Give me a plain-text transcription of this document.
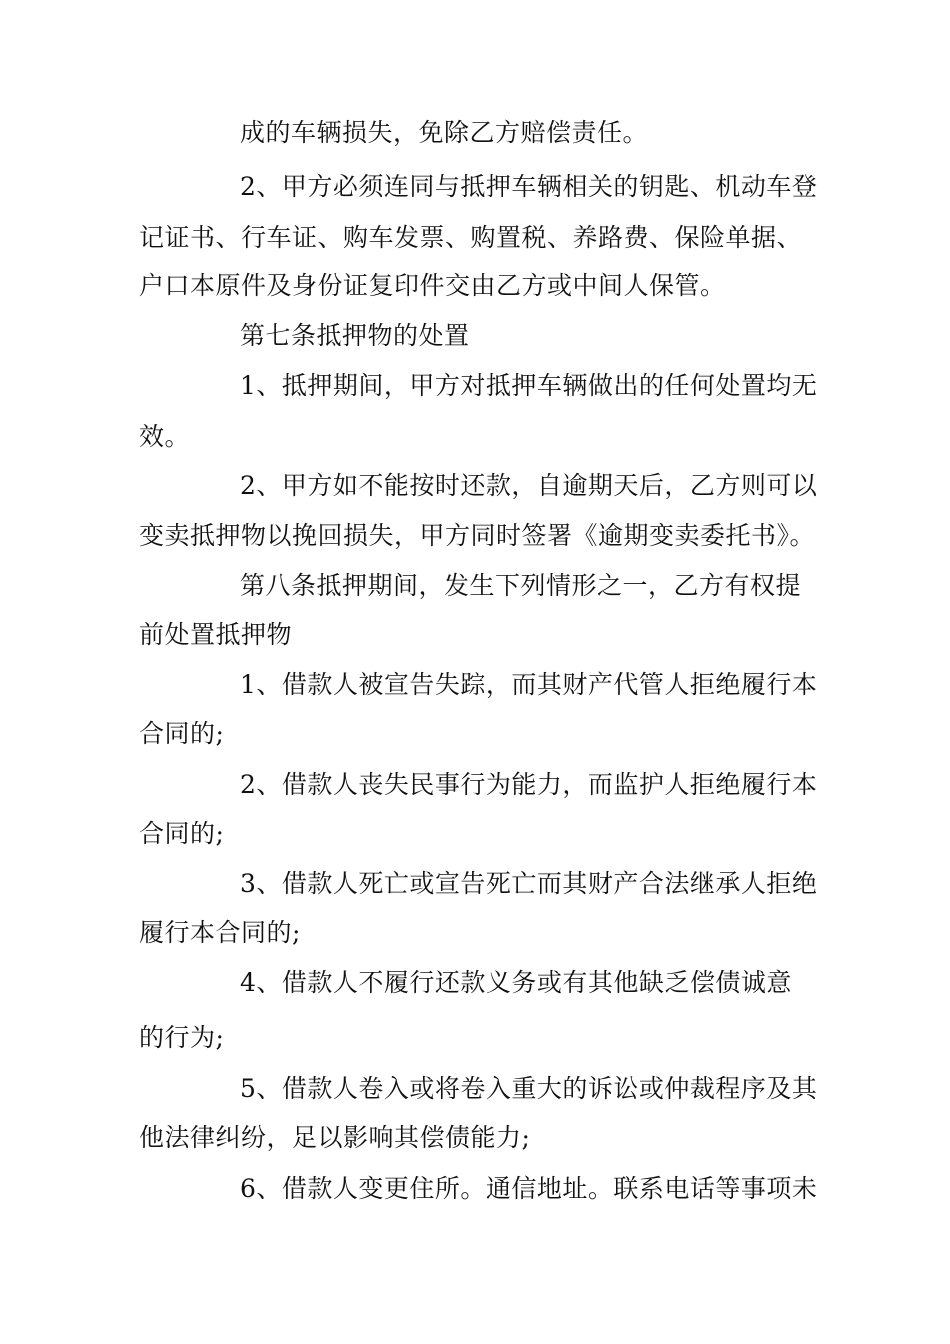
成的车辆损失，免除乙方赔偿责任。
2、甲方必须连同与抵押车辆相关的钥匙、机动车登
记证书、行车证、购车发票、购置税、养路费、保险单据、
户口本原件及身份证复印件交由乙方或中间人保管。
第七条抵押物的处置
1、抵押期间，甲方对抵押车辆做出的任何处置均无
效。
2、甲方如不能按时还款，自逾期天后，乙方则可以
变卖抵押物以挽回损失，甲方同时签署《逾期变卖委托书》。
第八条抵押期间，发生下列情形之一，乙方有权提
前处置抵押物
1、借款人被宣告失踪，而其财产代管人拒绝履行本
合同的;
2、借款人丧失民事行为能力，而监护人拒绝履行本
合同的;
3、借款人死亡或宣告死亡而其财产合法继承人拒绝
履行本合同的;
4、借款人不履行还款义务或有其他缺乏偿债诚意
的行为;
5、借款人卷入或将卷入重大的诉讼或仲裁程序及其
他法律纠纷，足以影响其偿债能力;
6、借款人变更住所。通信地址。联系电话等事项未
